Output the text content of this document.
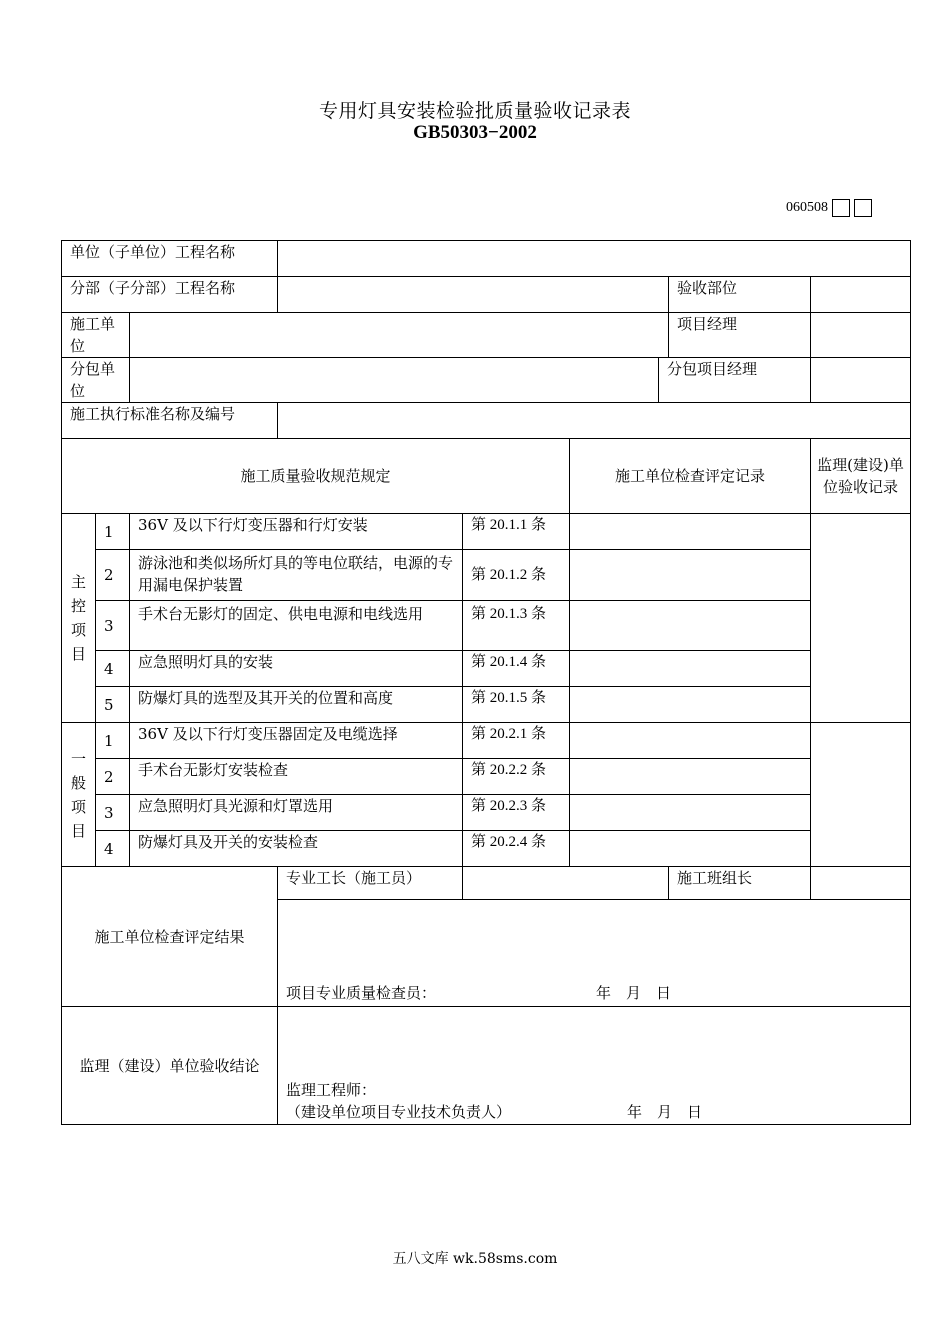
专用灯具安装检验批质量验收记录表
GB50303−2002
060508
单位（子单位）工程名称								
分部（子分部）工程名称							验收部位	
施工单位							项目经理	
分包单位						分包项目经理		
施工执行标准名称及编号								
施工质量验收规范规定					施工单位检查评定记录			监理(建设)单位验收记录
主控项目	1	36V 及以下行灯变压器和行灯安装		第 20.1.1 条				
	2	游泳池和类似场所灯具的等电位联结，电源的专用漏电保护装置		第 20.1.2 条				
	3	手术台无影灯的固定、供电电源和电线选用		第 20.1.3 条				
	4	应急照明灯具的安装		第 20.1.4 条				
	5	防爆灯具的选型及其开关的位置和高度		第 20.1.5 条				
一般项目	1	36V 及以下行灯变压器固定及电缆选择		第 20.2.1 条				
	2	手术台无影灯安装检查		第 20.2.2 条				
	3	应急照明灯具光源和灯罩选用		第 20.2.3 条				
	4	防爆灯具及开关的安装检查		第 20.2.4 条				
施工单位检查评定结果			专业工长（施工员）				施工班组长	
			项目专业质量检查员： 年　月　日					
监理（建设）单位验收结论			监理工程师：
（建设单位项目专业技术负责人） 年　月　日					
五八文库 wk.58sms.com
